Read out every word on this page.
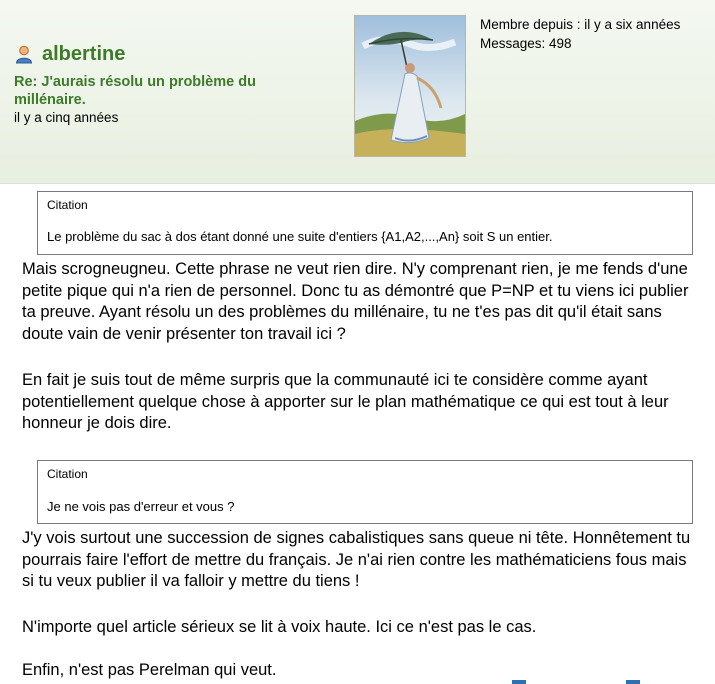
albertine
Re: J'aurais résolu un problème du millénaire.
il y a cinq années
Membre depuis : il y a six années
Messages: 498
Citation
Le problème du sac à dos étant donné une suite d'entiers {A1,A2,...,An} soit S un entier.

Mais scrogneugneu. Cette phrase ne veut rien dire. N'y comprenant rien, je me fends d'une petite pique qui n'a rien de personnel. Donc tu as démontré que P=NP et tu viens ici publier ta preuve. Ayant résolu un des problèmes du millénaire, tu ne t'es pas dit qu'il était sans doute vain de venir présenter ton travail ici ?

En fait je suis tout de même surpris que la communauté ici te considère comme ayant potentiellement quelque chose à apporter sur le plan mathématique ce qui est tout à leur honneur je dois dire.

Citation
Je ne vois pas d'erreur et vous ?

J'y vois surtout une succession de signes cabalistiques sans queue ni tête. Honnêtement tu pourrais faire l'effort de mettre du français. Je n'ai rien contre les mathématiciens fous mais si tu veux publier il va falloir y mettre du tiens !

N'importe quel article sérieux se lit à voix haute. Ici ce n'est pas le cas.

Enfin, n'est pas Perelman qui veut.
